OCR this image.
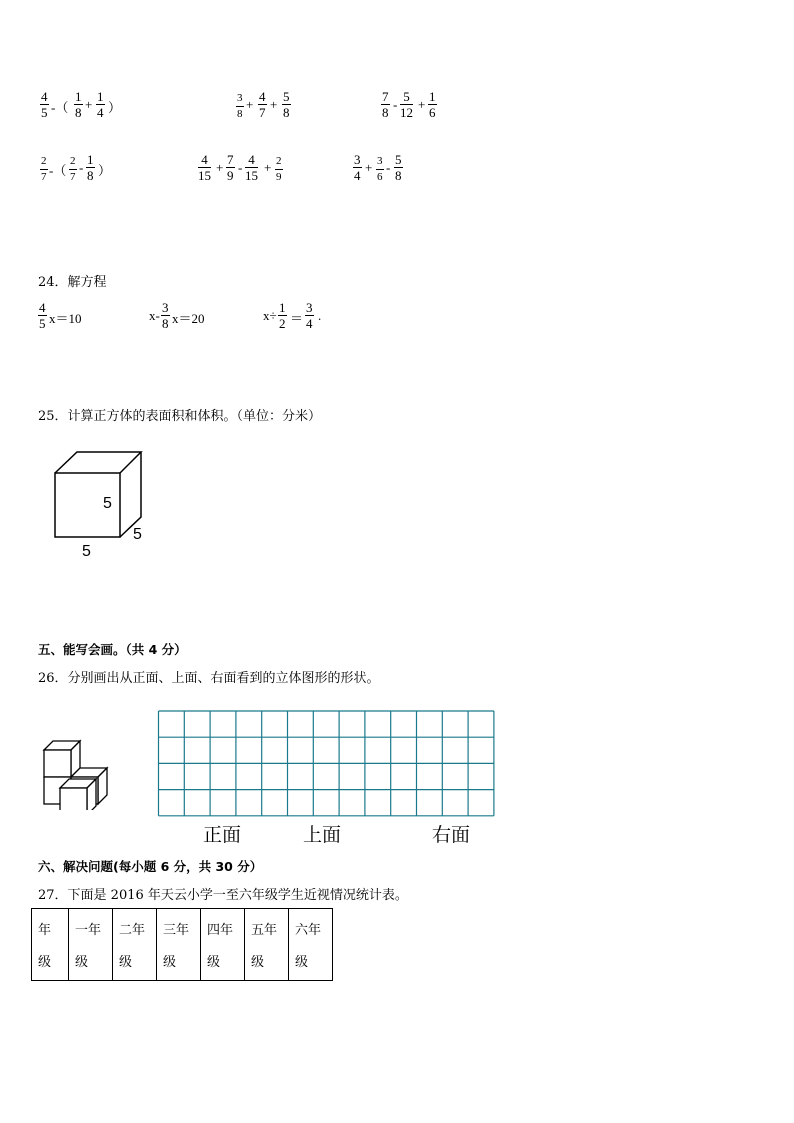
4
5 -（
1
8
+
1
4 ）
3
8
+
4
7
+
5
8
7
8
-
5
12
+
1
6
2
7 -（
2
7
-
1
8 ）
4
15
+
7
9
-
4
15
+ 2
9
3
4
+ 3
6
-
5
8
24．解方程
4
5 x＝10	x-
3
8 x＝20	x÷
1
2 ＝
3
4
.
25．计算正方体的表面积和体积。（单位：分米）
5
5
5
五、能写会画。（共 4 分）
26．分别画出从正面、上面、右面看到的立体图形的形状。
正面	上面	右面
六、解决问题(每小题 6 分，共 30 分）
27．下面是 2016 年天云小学一至六年级学生近视情况统计表。
年
级	一年
级	二年
级	三年
级	四年
级	五年
级	六年
级
